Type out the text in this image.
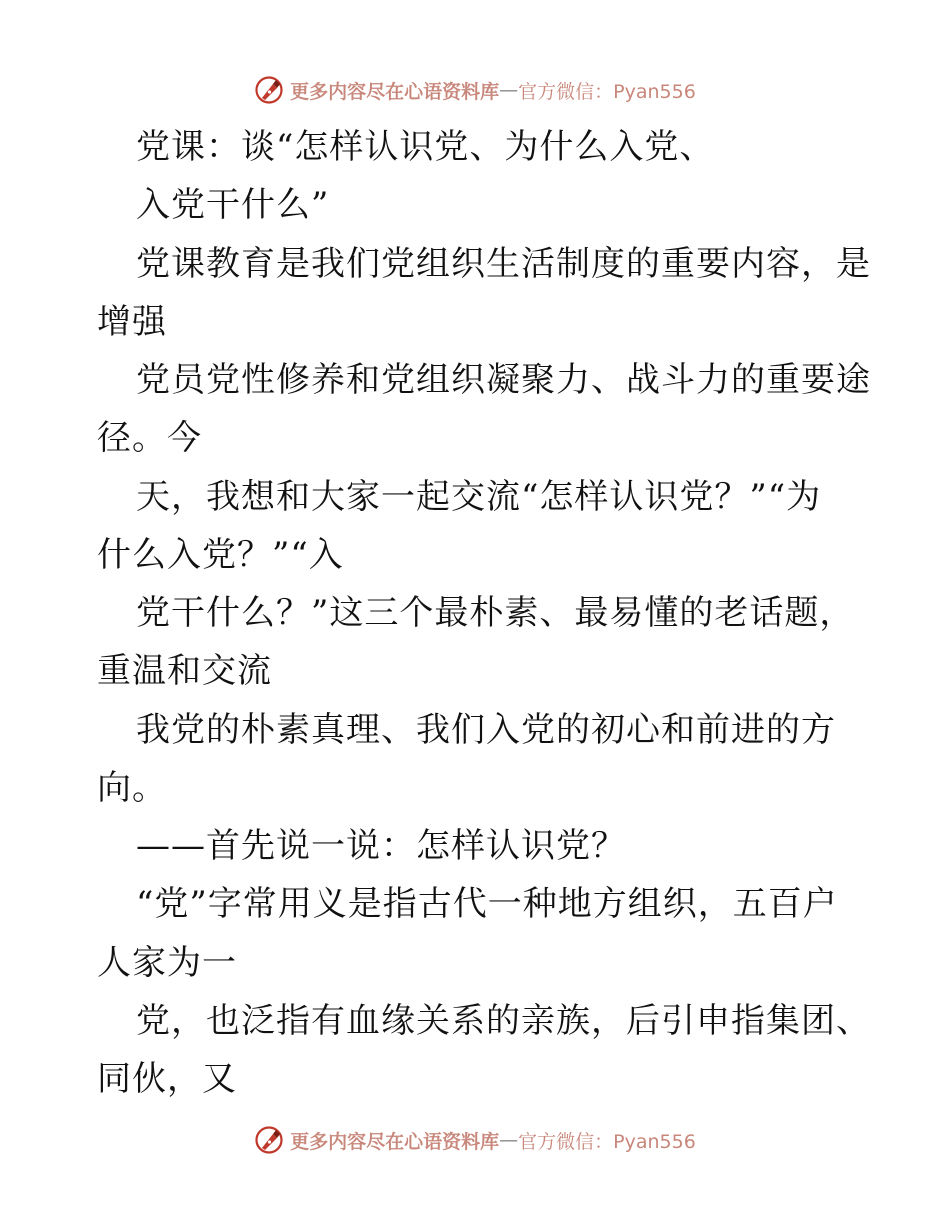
更多内容尽在心语资料库 — 官方微信：Pyan556
党课：谈“怎样认识党、为什么入党、
入党干什么”
党课教育是我们党组织生活制度的重要内容，是
增强
党员党性修养和党组织凝聚力、战斗力的重要途
径。今
天，我想和大家一起交流“怎样认识党？”“为
什么入党？”“入
党干什么？”这三个最朴素、最易懂的老话题，
重温和交流
我党的朴素真理、我们入党的初心和前进的方
向。
——首先说一说：怎样认识党？
“党”字常用义是指古代一种地方组织，五百户
人家为一
党，也泛指有血缘关系的亲族，后引申指集团、
同伙，又
更多内容尽在心语资料库 — 官方微信：Pyan556
